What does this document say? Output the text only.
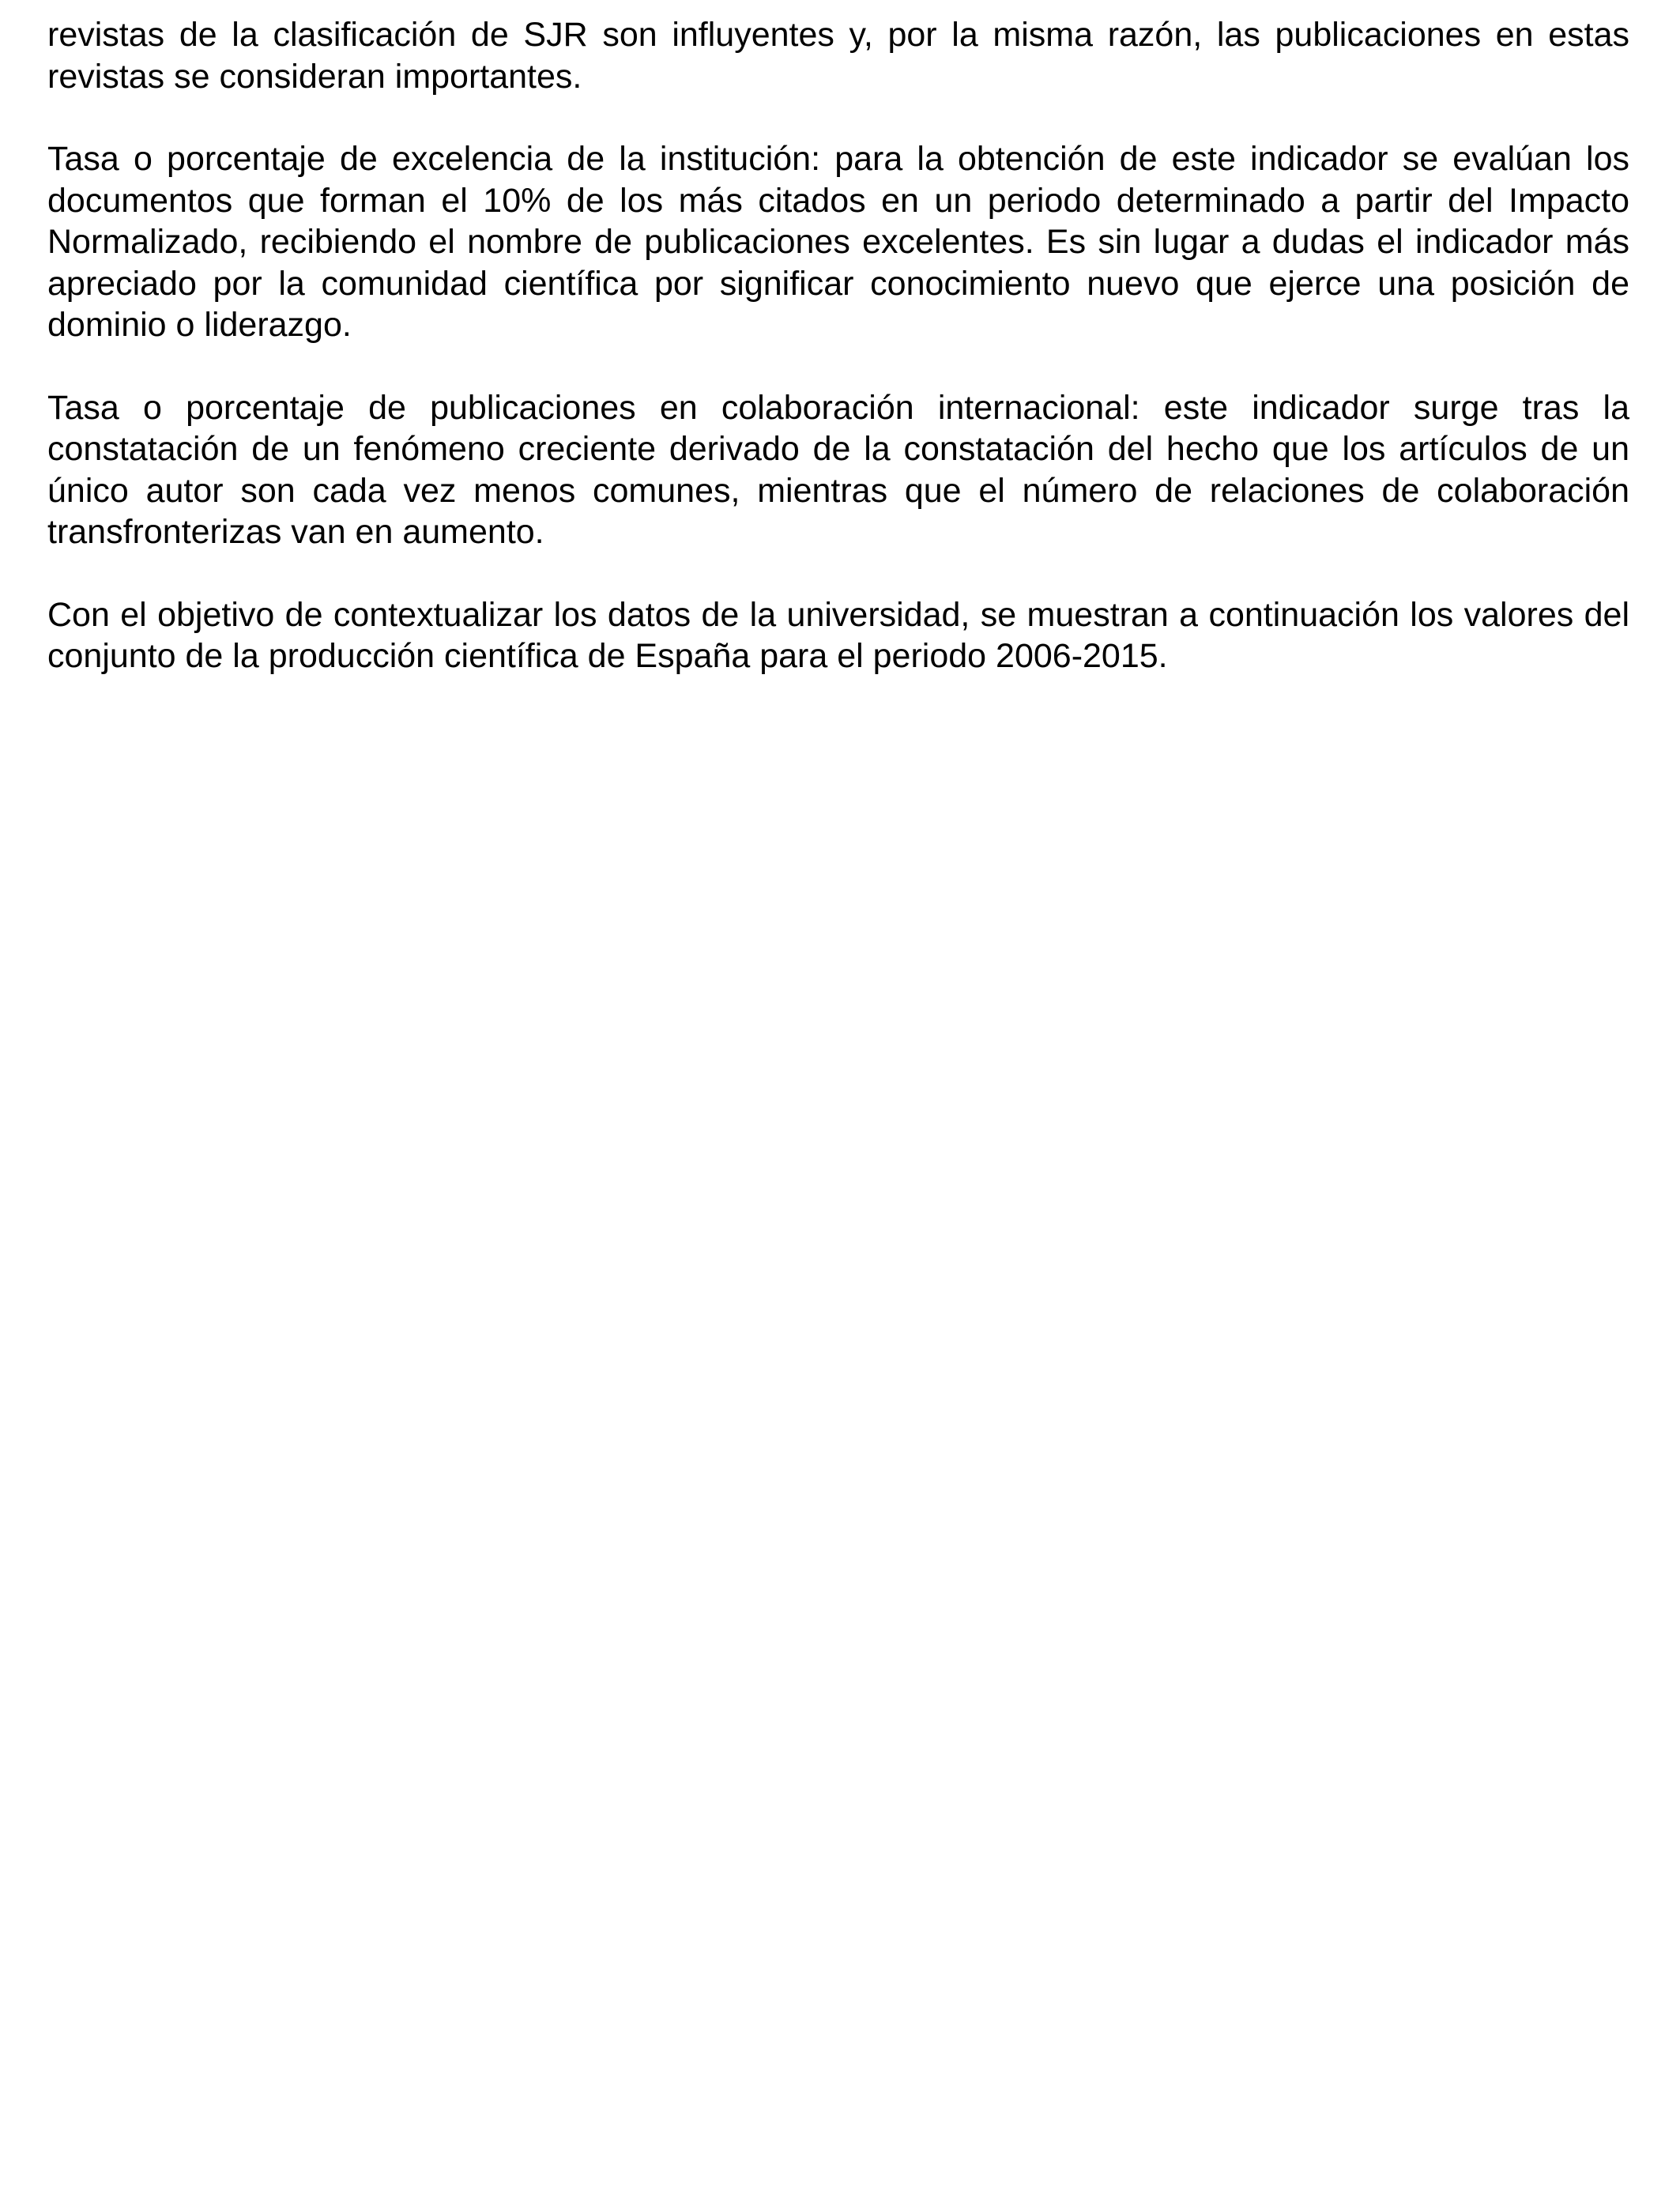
revistas de la clasificación de SJR son influyentes y, por la misma razón, las publicaciones en estas revistas se consideran importantes.

Tasa o porcentaje de excelencia de la institución: para la obtención de este indicador se evalúan los documentos que forman el 10% de los más citados en un periodo determinado a partir del Impacto Normalizado, recibiendo el nombre de publicaciones excelentes. Es sin lugar a dudas el indicador más apreciado por la comunidad científica por significar conocimiento nuevo que ejerce una posición de dominio o liderazgo.

Tasa o porcentaje de publicaciones en colaboración internacional: este indicador surge tras la constatación de un fenómeno creciente derivado de la constatación del hecho que los artículos de un único autor son cada vez menos comunes, mientras que el número de relaciones de colaboración transfronterizas van en aumento.

Con el objetivo de contextualizar los datos de la universidad, se muestran a continuación los valores del conjunto de la producción científica de España para el periodo 2006-2015.
